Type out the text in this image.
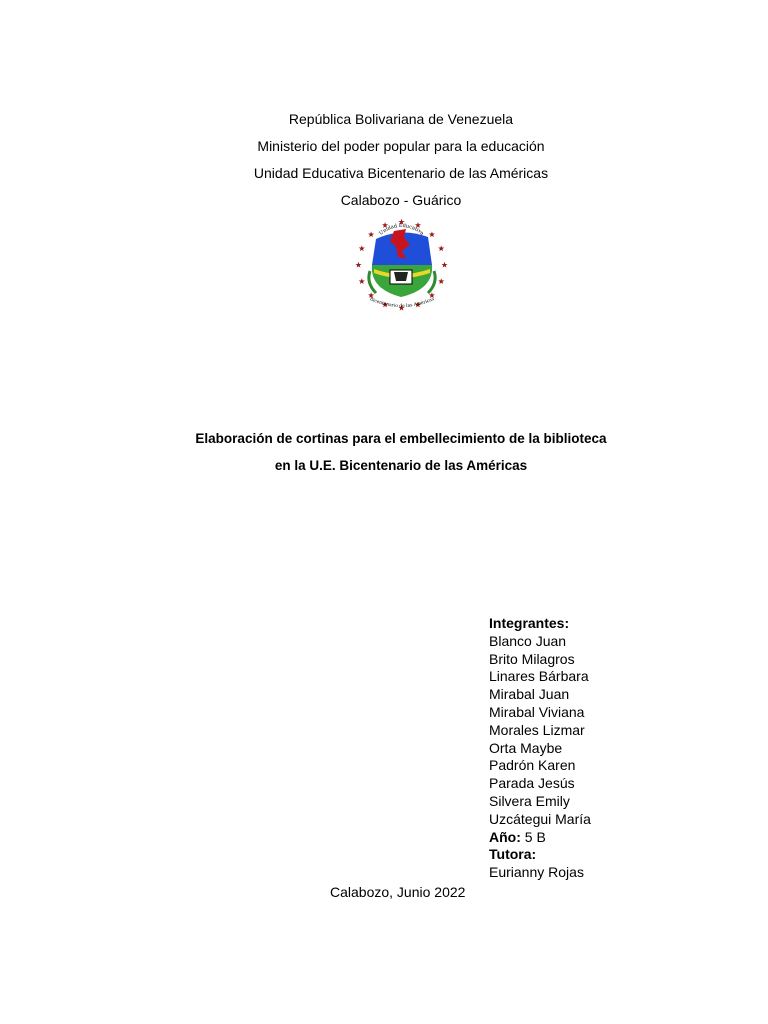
República Bolivariana de Venezuela
Ministerio del poder popular para la educación
Unidad Educativa Bicentenario de las Américas
Calabozo - Guárico
Unidad Educativa
Bicentenario de las Américas
Elaboración de cortinas para el embellecimiento de la biblioteca
en la U.E. Bicentenario de las Américas
Integrantes:
Blanco Juan
Brito Milagros
Linares Bárbara
Mirabal Juan
Mirabal Viviana
Morales Lizmar
Orta Maybe
Padrón Karen
Parada Jesús
Silvera Emily
Uzcátegui María
Año: 5 B
Tutora:
Eurianny Rojas
Calabozo, Junio 2022
